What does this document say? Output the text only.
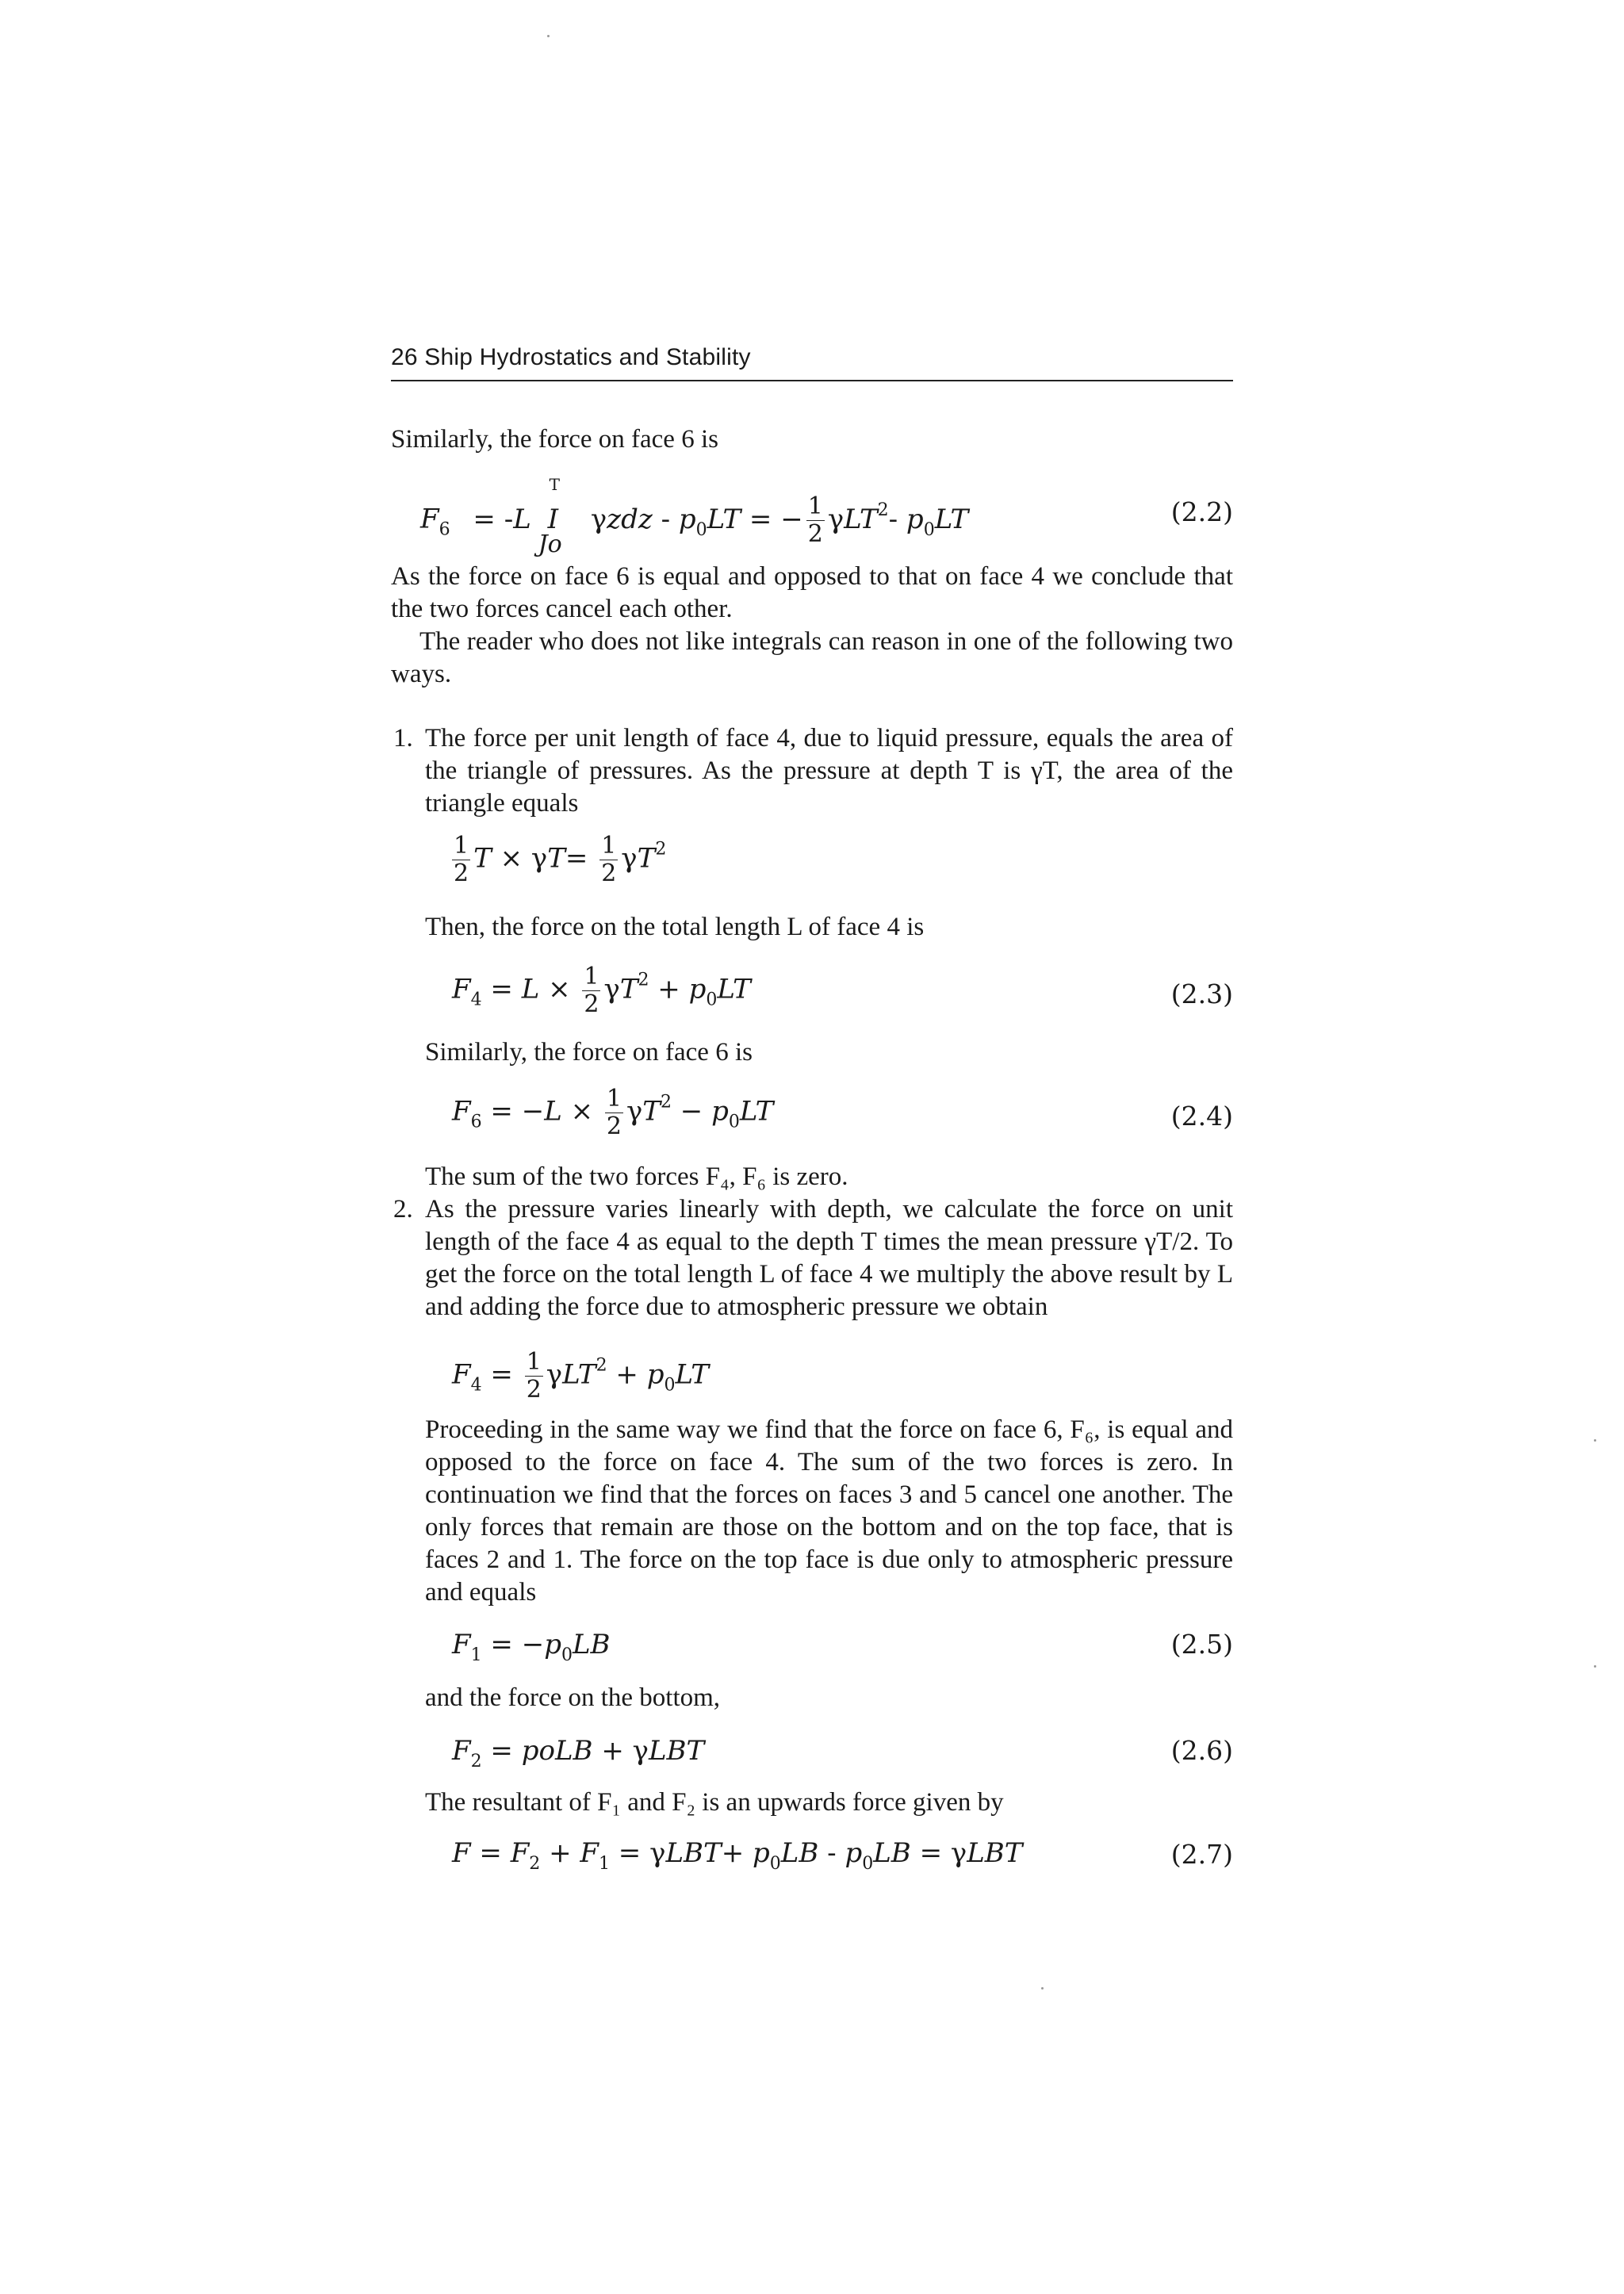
26 Ship Hydrostatics and Stability
Similarly, the force on face 6 is
$F_6 = -L$
T
I
Jo
γzdz - $p_0LT$ = − $\frac{1}{2} \gamma LT^2-$ $p_0LT$	(2.2)
As the force on face 6 is equal and opposed to that on face 4 we conclude that the two forces cancel each other.
The reader who does not like integrals can reason in one of the following two ways.
1. The force per unit length of face 4, due to liquid pressure, equals the area of the triangle of pressures. As the pressure at depth T is γT, the area of the triangle equals
$\frac{1}{2}$ $T \times \gamma T= \frac{1}{2} \gamma T^2$
Then, the force on the total length L of face 4 is
$F_4 = L \times \frac{1}{2} \gamma T^2 + p_0LT$	(2.3)
Similarly, the force on face 6 is
$F_6 = -L \times \frac{1}{2} \gamma T^2 - p_0LT$	(2.4)
The sum of the two forces F₄, F₆ is zero.
2. As the pressure varies linearly with depth, we calculate the force on unit length of the face 4 as equal to the depth T times the mean pressure γT/2. To get the force on the total length L of face 4 we multiply the above result by L and adding the force due to atmospheric pressure we obtain
$F_4 = \frac{1}{2} \gamma LT^2 + p_0LT$
Proceeding in the same way we find that the force on face 6, F₆, is equal and opposed to the force on face 4. The sum of the two forces is zero. In continuation we find that the forces on faces 3 and 5 cancel one another. The only forces that remain are those on the bottom and on the top face, that is faces 2 and 1. The force on the top face is due only to atmospheric pressure and equals
$F_1 = -p_0LB$	(2.5)
and the force on the bottom,
$F_2$ = poLB + γLBT	(2.6)
The resultant of F₁ and F₂ is an upwards force given by
$F = F_2 + F_1 = \gamma LBT+ p_0LB - p_0LB = \gamma LBT$	(2.7)
